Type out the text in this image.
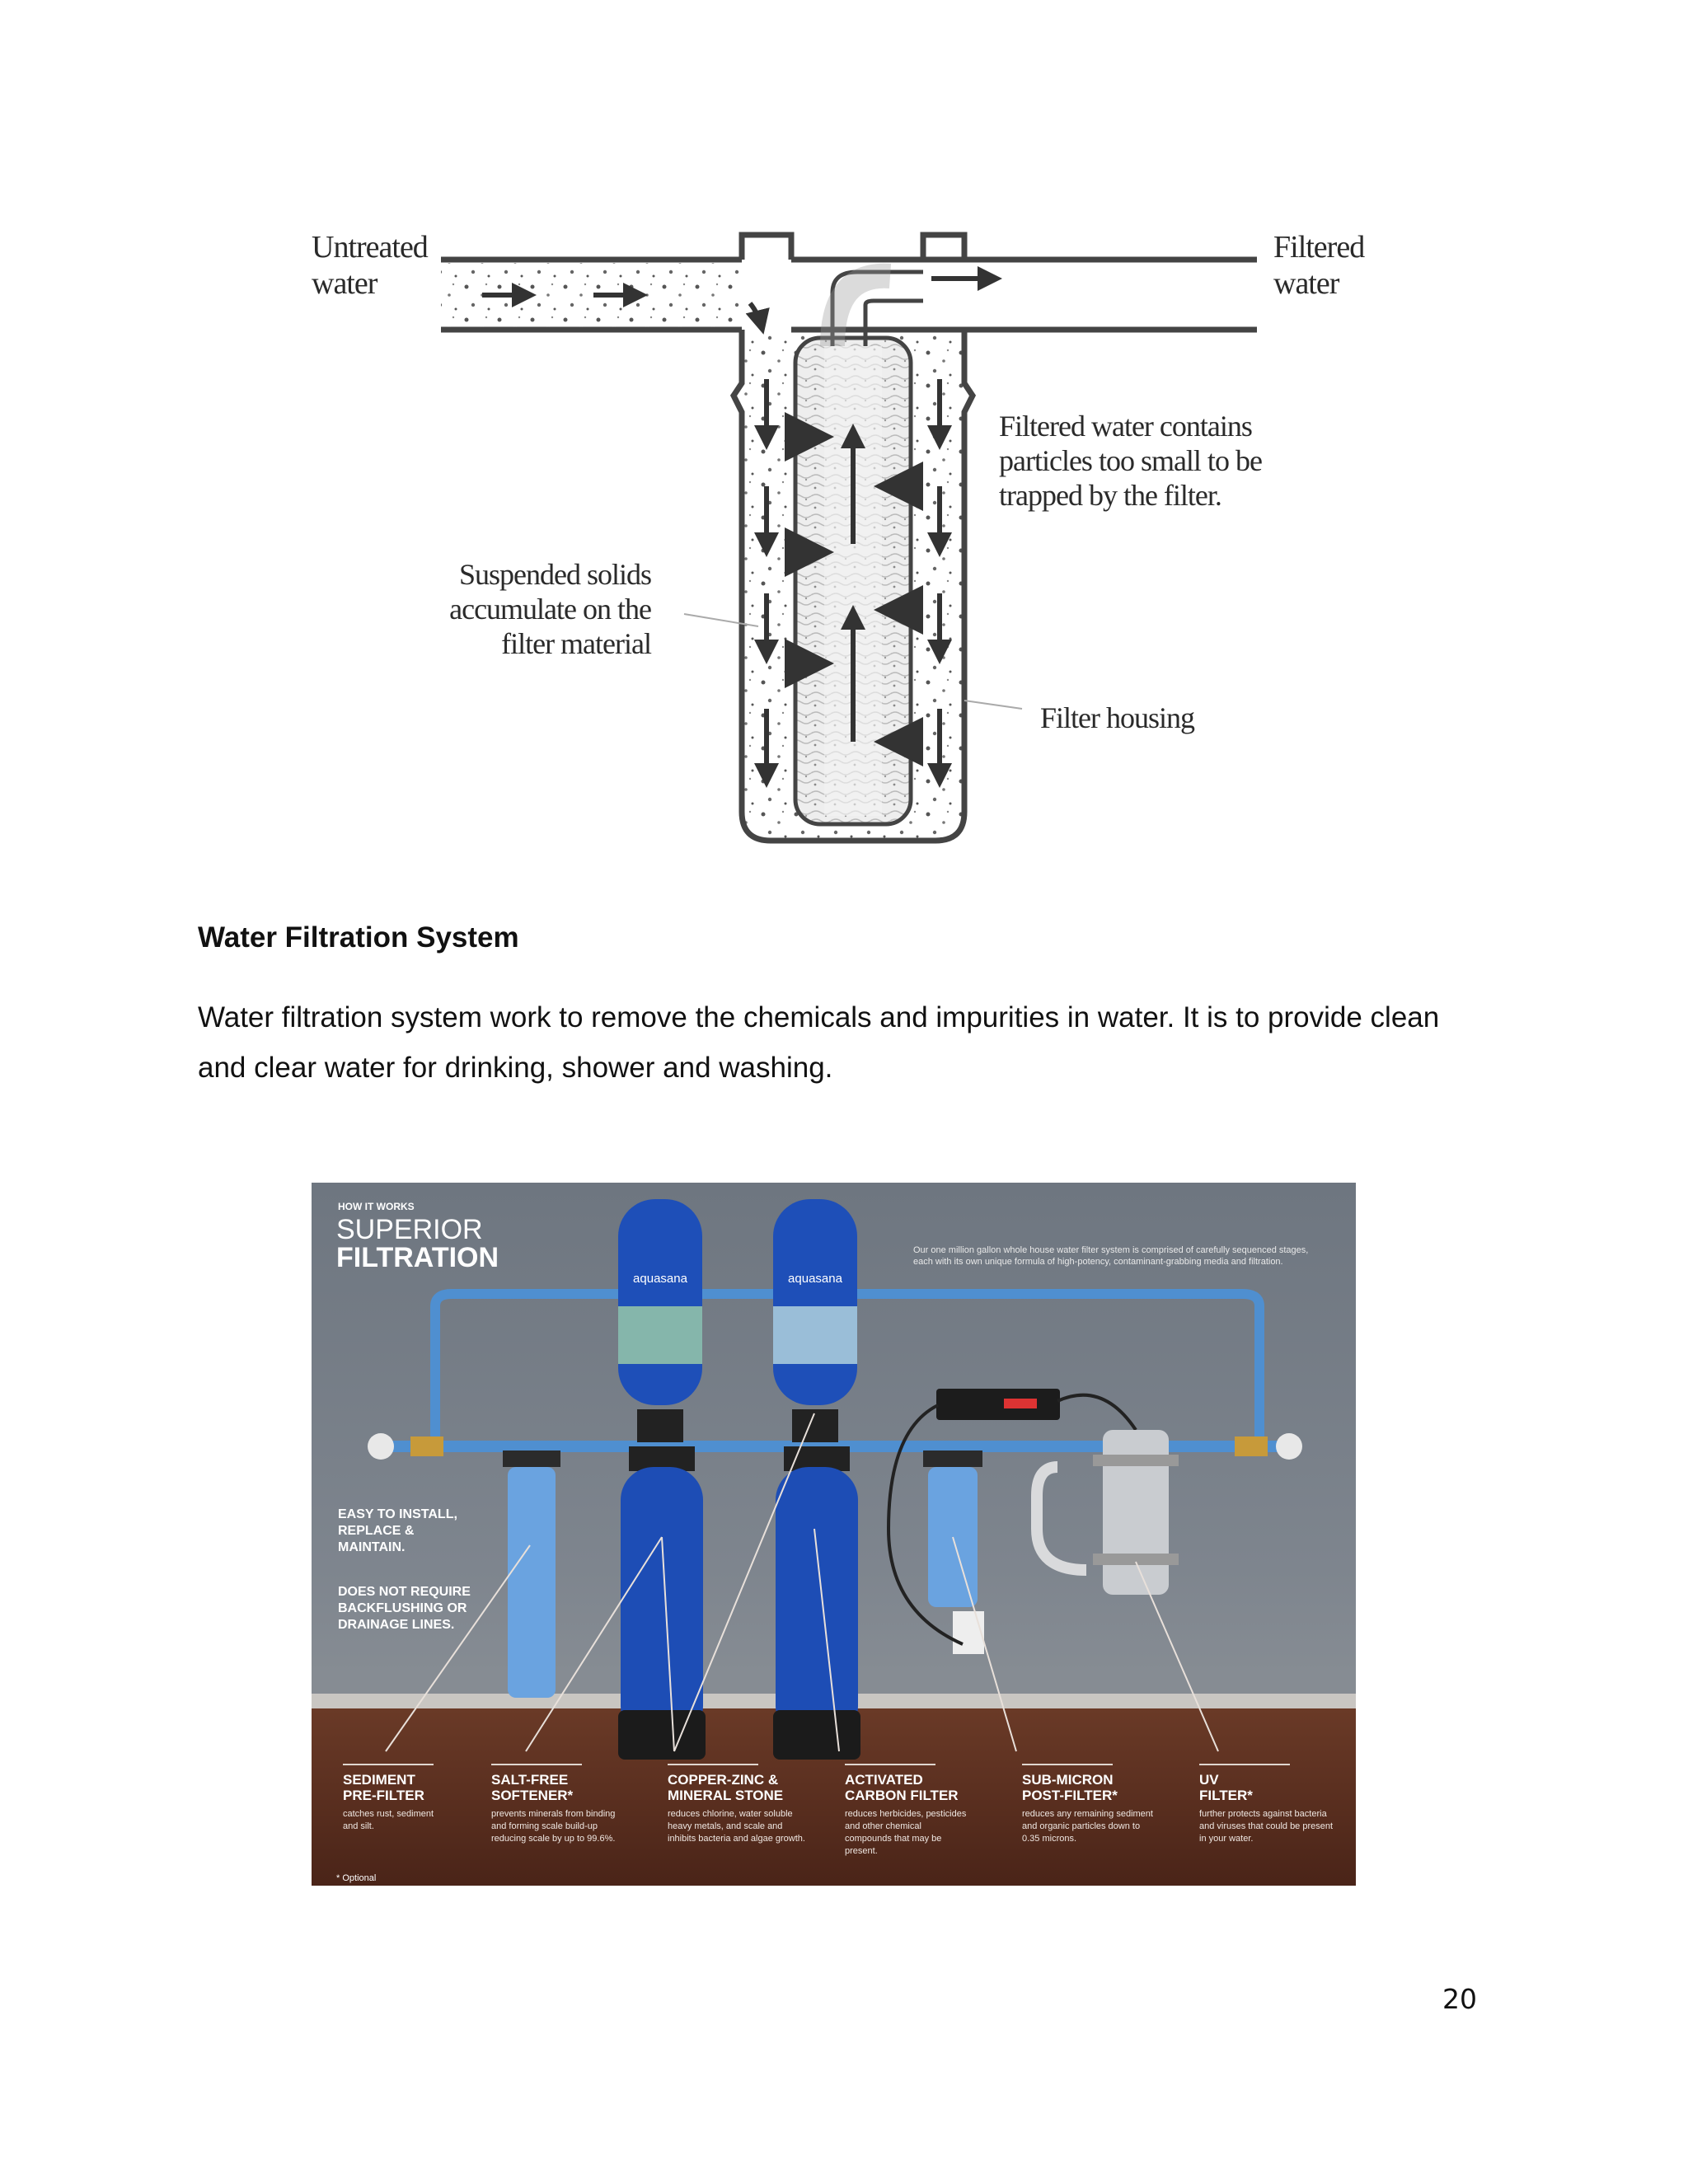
Untreated
water
Filtered
water
Filtered water contains
particles too small to be
trapped by the filter.
Suspended solids
accumulate on the
filter material
Filter housing
Water Filtration System

Water filtration system work to remove the chemicals and impurities in water. It is to provide clean

and clear water for drinking, shower and washing.

aquasana	aquasana
HOW IT WORKS
SUPERIOR
FILTRATION	Our one million gallon whole house water filter system is comprised of carefully sequenced stages, each with its own unique formula of high-potency, contaminant-grabbing media and filtration.
EASY TO INSTALL,
REPLACE &
MAINTAIN.
DOES NOT REQUIRE
BACKFLUSHING OR
DRAINAGE LINES.
SEDIMENT
PRE-FILTER
catches rust, sediment and silt.
SALT-FREE
SOFTENER*
prevents minerals from binding and forming scale build-up reducing scale by up to 99.6%.
COPPER-ZINC &
MINERAL STONE
reduces chlorine, water soluble heavy metals, and scale and inhibits bacteria and algae growth.
ACTIVATED
CARBON FILTER
reduces herbicides, pesticides and other chemical compounds that may be present.
SUB-MICRON
POST-FILTER*
reduces any remaining sediment and organic particles down to 0.35 microns.
UV
FILTER*
further protects against bacteria and viruses that could be present in your water.
* Optional
20
